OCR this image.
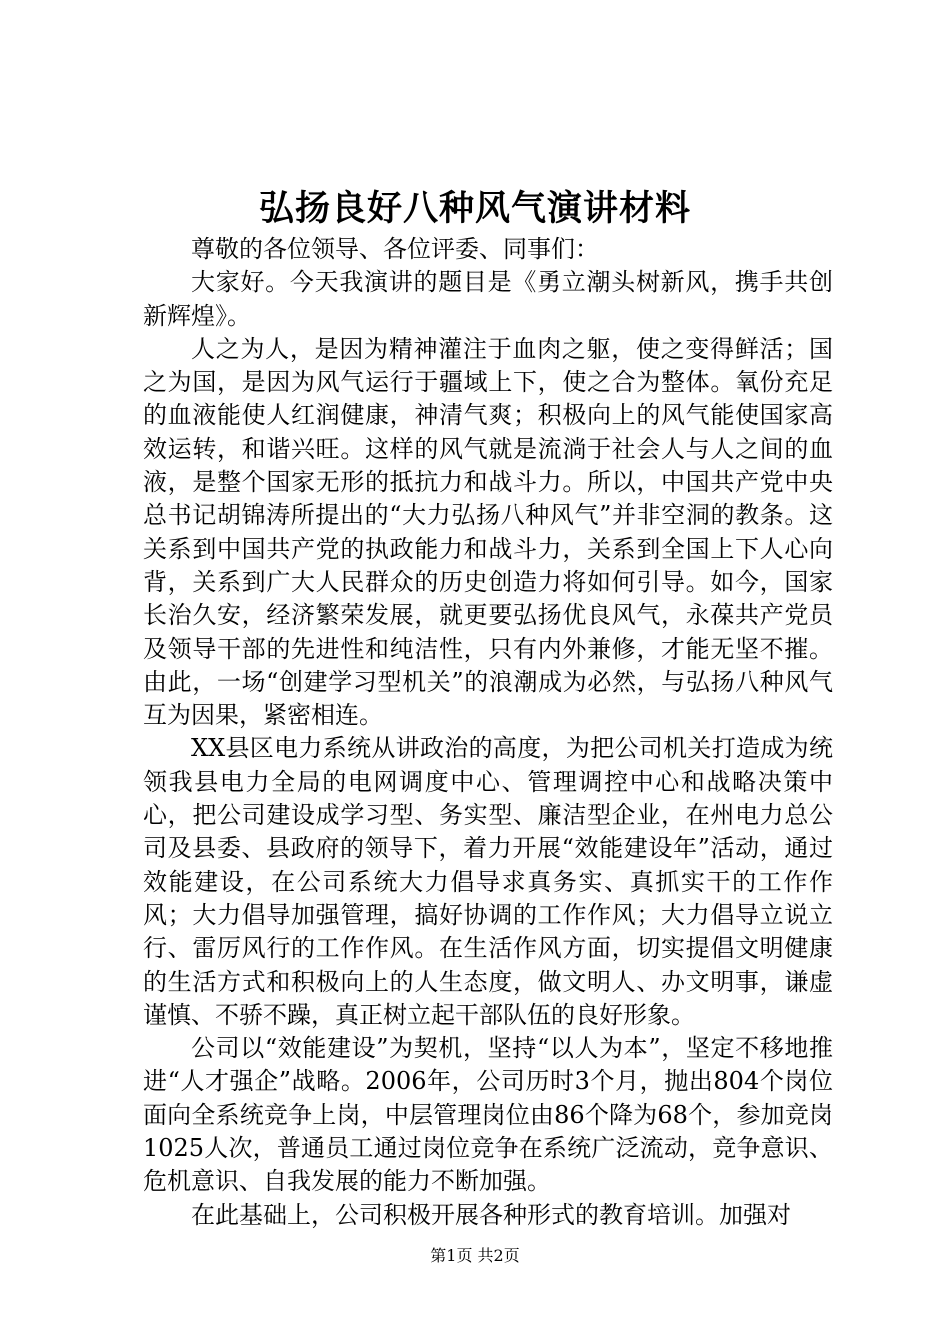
弘扬良好八种风气演讲材料

尊敬的各位领导、各位评委、同事们：

大家好。今天我演讲的题目是《勇立潮头树新风，携手共创新辉煌》。

人之为人，是因为精神灌注于血肉之躯，使之变得鲜活；国之为国，是因为风气运行于疆域上下，使之合为整体。氧份充足的血液能使人红润健康，神清气爽；积极向上的风气能使国家高效运转，和谐兴旺。这样的风气就是流淌于社会人与人之间的血液，是整个国家无形的抵抗力和战斗力。所以，中国共产党中央总书记胡锦涛所提出的“大力弘扬八种风气”并非空洞的教条。这关系到中国共产党的执政能力和战斗力，关系到全国上下人心向背，关系到广大人民群众的历史创造力将如何引导。如今，国家长治久安，经济繁荣发展，就更要弘扬优良风气，永葆共产党员及领导干部的先进性和纯洁性，只有内外兼修，才能无坚不摧。由此，一场“创建学习型机关”的浪潮成为必然，与弘扬八种风气互为因果，紧密相连。

XX县区电力系统从讲政治的高度，为把公司机关打造成为统领我县电力全局的电网调度中心、管理调控中心和战略决策中心，把公司建设成学习型、务实型、廉洁型企业，在州电力总公司及县委、县政府的领导下，着力开展“效能建设年”活动，通过效能建设，在公司系统大力倡导求真务实、真抓实干的工作作风；大力倡导加强管理，搞好协调的工作作风；大力倡导立说立行、雷厉风行的工作作风。在生活作风方面，切实提倡文明健康的生活方式和积极向上的人生态度，做文明人、办文明事，谦虚谨慎、不骄不躁，真正树立起干部队伍的良好形象。

公司以“效能建设”为契机，坚持“以人为本”，坚定不移地推进“人才强企”战略。2006年，公司历时3个月，抛出804个岗位面向全系统竞争上岗，中层管理岗位由86个降为68个，参加竞岗1025人次，普通员工通过岗位竞争在系统广泛流动，竞争意识、危机意识、自我发展的能力不断加强。

在此基础上，公司积极开展各种形式的教育培训。加强对

第1页 共2页
